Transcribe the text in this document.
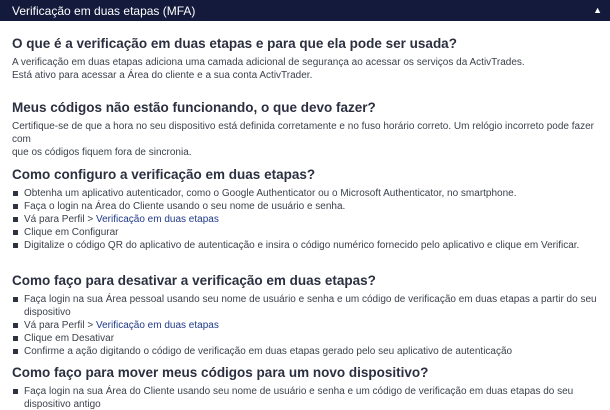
Verificação em duas etapas (MFA)	▲
O que é a verificação em duas etapas e para que ela pode ser usada?
A verificação em duas etapas adiciona uma camada adicional de segurança ao acessar os serviços da ActivTrades.
Está ativo para acessar a Área do cliente e a sua conta ActivTrader.
Meus códigos não estão funcionando, o que devo fazer?
Certifique-se de que a hora no seu dispositivo está definida corretamente e no fuso horário correto. Um relógio incorreto pode fazer com
que os códigos fiquem fora de sincronia.
Como configuro a verificação em duas etapas?
Obtenha um aplicativo autenticador, como o Google Authenticator ou o Microsoft Authenticator, no smartphone.
Faça o login na Área do Cliente usando o seu nome de usuário e senha.
Vá para Perfil > Verificação em duas etapas
Clique em Configurar
Digitalize o código QR do aplicativo de autenticação e insira o código numérico fornecido pelo aplicativo e clique em Verificar.
Como faço para desativar a verificação em duas etapas?
Faça login na sua Área pessoal usando seu nome de usuário e senha e um código de verificação em duas etapas a partir do seu dispositivo
Vá para Perfil > Verificação em duas etapas
Clique em Desativar
Confirme a ação digitando o código de verificação em duas etapas gerado pelo seu aplicativo de autenticação
Como faço para mover meus códigos para um novo dispositivo?
Faça login na sua Área do Cliente usando seu nome de usuário e senha e um código de verificação em duas etapas do seu dispositivo antigo
